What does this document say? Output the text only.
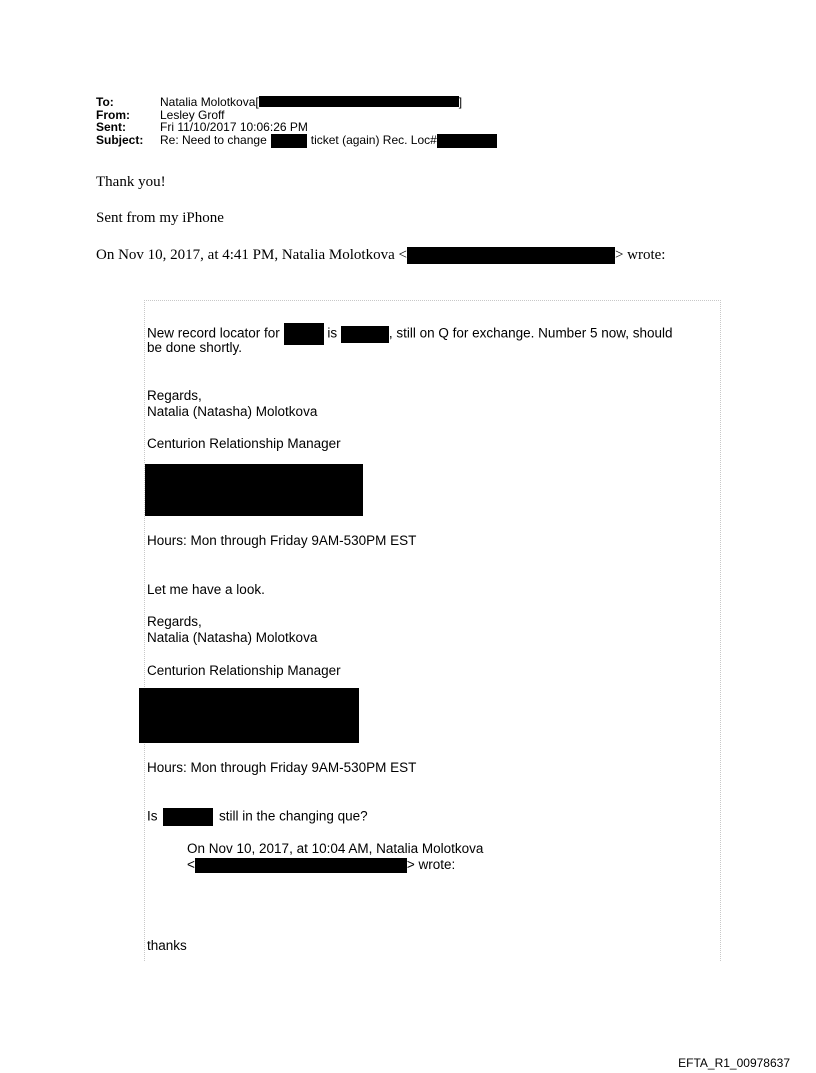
To:	Natalia Molotkova[	]
From:	Lesley Groff
Sent:	Fri 11/10/2017 10:06:26 PM
Subject:	Re: Need to change	ticket (again) Rec. Loc#
Thank you!
Sent from my iPhone
On Nov 10, 2017, at 4:41 PM, Natalia Molotkova <	> wrote:
New record locator for	is	, still on Q for exchange. Number 5 now, should
be done shortly.
Regards,
Natalia (Natasha) Molotkova
Centurion Relationship Manager
Hours: Mon through Friday 9AM-530PM EST
Let me have a look.
Regards,
Natalia (Natasha) Molotkova
Centurion Relationship Manager
Hours: Mon through Friday 9AM-530PM EST
Is	still in the changing que?
On Nov 10, 2017, at 10:04 AM, Natalia Molotkova
<	> wrote:
thanks
EFTA_R1_00978637
